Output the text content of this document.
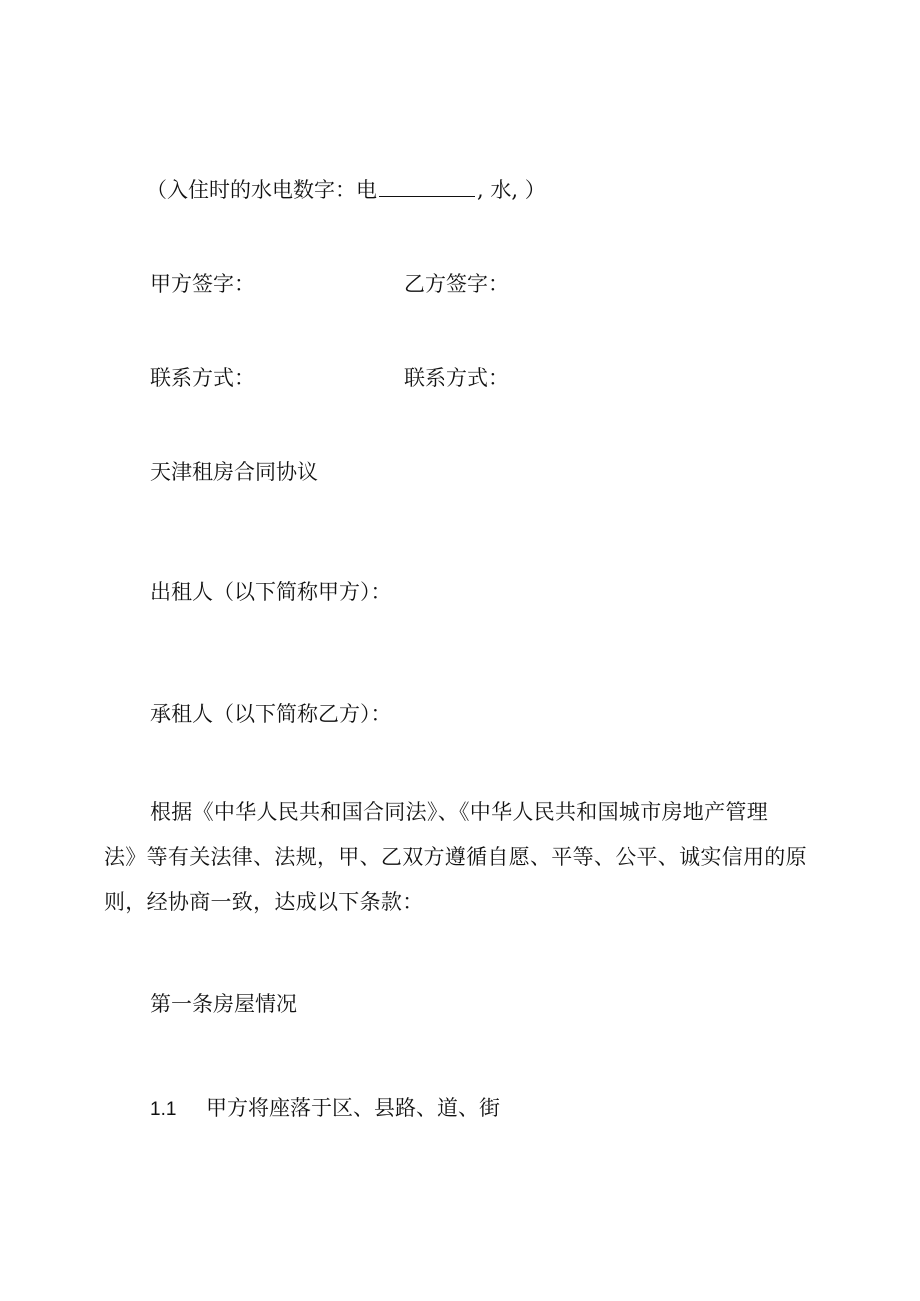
（入住时的水电数字：电	, 水, ）
甲方签字：	乙方签字：
联系方式：	联系方式：
天津租房合同协议
出租人（以下简称甲方）：
承租人（以下简称乙方）：
根据《中华人民共和国合同法》、《中华人民共和国城市房地产管理
法》等有关法律、法规，甲、乙双方遵循自愿、平等、公平、诚实信用的原
则，经协商一致，达成以下条款：
第一条房屋情况
1.1 甲方将座落于区、县路、道、街
